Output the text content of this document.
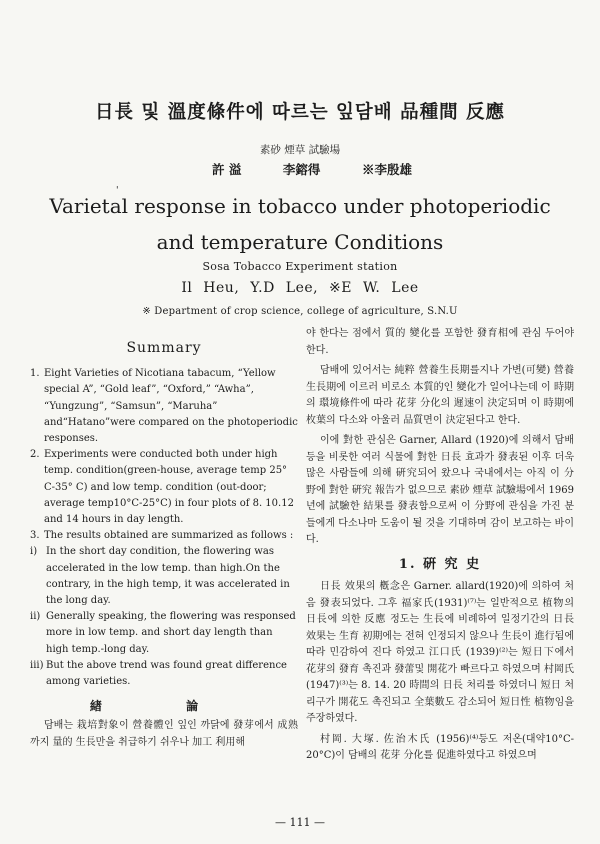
日長 및 溫度條件에 따르는 잎담배 品種間 反應
素砂 煙草 試驗場
許 溢	李鎔得	※李殷雄
'
Varietal response in tobacco under photoperiodic
and temperature Conditions
Sosa Tobacco Experiment station
Il Heu, Y.D Lee, ※E W. Lee
※ Department of crop science, college of agriculture, S.N.U
Summary
1. Eight Varieties of Nicotiana tabacum, “Yellow special A”, “Gold leaf”, “Oxford,” “Awha”, “Yungzung”, “Samsun”, “Maruha” and“Hatano”were compared on the photoperiodic responses.
2. Experiments were conducted both under high temp. condition(green-house, average temp 25° C-35° C) and low temp. condition (out-door; average temp10°C-25°C) in four plots of 8. 10.12 and 14 hours in day length.
3. The results obtained are summarized as follows :
i) In the short day condition, the flowering was accelerated in the low temp. than high.On the contrary, in the high temp, it was accelerated in the long day.
ii) Generally speaking, the flowering was responsed more in low temp. and short day length than high temp.-long day.
iii) But the above trend was found great difference among varieties.
緖 論

담배는 栽培對象이 營養體인 잎인 까닭에 發芽에서 成熟까지 量的 生長만을 취급하기 쉬우나 加工 利用해

야 한다는 점에서 質的 變化를 포함한 發育相에 관심 두어야 한다.

담배에 있어서는 純粹 營養生長期를지나 가변(可變) 營養生長期에 이르러 비로소 本質的인 變化가 일어나는데 이 時期의 環境條件에 따라 花芽 分化의 遲速이 決定되며 이 時期에 枚葉의 다소와 아울러 品質면이 決定된다고 한다.

이에 對한 관심은 Garner, Allard (1920)에 의해서 담배 등을 비롯한 여러 식물에 對한 日長 효과가 發表된 이후 더욱 많은 사람들에 의해 硏究되어 왔으나 국내에서는 아직 이 分野에 對한 硏究 報告가 없으므로 素砂 煙草 試驗場에서 1969년에 試驗한 結果를 發表함으로써 이 分野에 관심을 가진 분들에게 다소나마 도움이 될 것을 기대하며 감이 보고하는 바이다.

1. 硏 究 史

日長 效果의 槪念은 Garner. allard(1920)에 의하여 처음 發表되었다. 그후 福家氏(1931)⁽⁷⁾는 일반적으로 植物의 日長에 의한 反應 정도는 生長에 비례하여 일정기간의 日長 效果는 生育 初期에는 전혀 인정되지 않으나 生長이 進行됨에 따라 민감하여 진다 하였고 江口氏 (1939)⁽²⁾는 短日下에서 花芽의 發育 촉진과 發蕾및 開花가 빠르다고 하였으며 村岡氏 (1947)⁽³⁾는 8. 14. 20 時間의 日長 처리를 하였더니 短日 처리구가 開花도 촉진되고 全葉數도 감소되어 短日性 植物임을 주장하였다.

村岡. 大塚. 佐治木氏 (1956)⁽⁴⁾등도 저온(대약10°C-20°C)이 담배의 花芽 分化를 促進하였다고 하였으며

— 111 —
